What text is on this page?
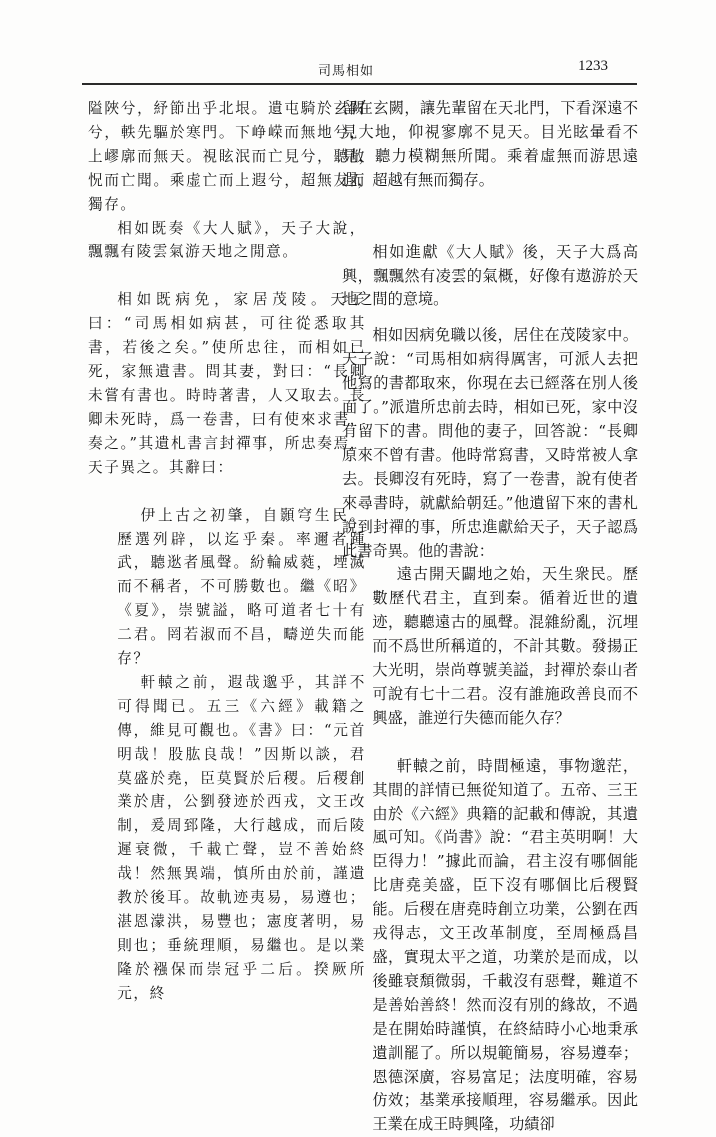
司馬相如	1233

隘陜兮，紓節出乎北垠。遺屯騎於玄闕兮，軼先驅於寒門。下峥嵘而無地兮，上嵺廓而無天。視眩泯而亡見兮，聽敞怳而亡聞。乘虚亡而上遐兮，超無友而獨存。

相如既奏《大人賦》，天子大說，飄飄有陵雲氣游天地之閒意。

相如既病免，家居茂陵。天子曰：“司馬相如病甚，可往從悉取其書，若後之矣。”使所忠往，而相如已死，家無遺書。問其妻，對曰：“長卿未嘗有書也。時時著書，人又取去。長卿未死時，爲一卷書，曰有使來求書，奏之。”其遺札書言封禪事，所忠奏焉，天子異之。其辭曰：

伊上古之初肇，自顥穹生民。歷選列辟，以迄乎秦。率邇者踵武，聽逖者風聲。紛輪威蕤，堙滅而不稱者，不可勝數也。繼《昭》《夏》，崇號謚，略可道者七十有二君。罔若淑而不昌，疇逆失而能存？

軒轅之前，遐哉邈乎，其詳不可得聞已。五三《六經》載籍之傳，維見可觀也。《書》曰：“元首明哉！股肱良哉！”因斯以談，君莫盛於堯，臣莫賢於后稷。后稷創業於唐，公劉發迹於西戎，文王改制，爰周郅隆，大行越成，而后陵遲衰微，千載亡聲，豈不善始終哉！然無異端，慎所由於前，謹遺教於後耳。故軌迹夷易，易遵也；湛恩濛洪，易豐也；憲度著明，易則也；垂統理順，易繼也。是以業隆於襁保而崇冠乎二后。揆厥所元，終

留在玄闕，讓先輩留在天北門，下看深遠不見大地，仰視寥廓不見天。目光眩暈看不見，聽力模糊無所聞。乘着虛無而游思遠遐，超越有無而獨存。

相如進獻《大人賦》後，天子大爲高興，飄飄然有凌雲的氣概，好像有遨游於天地之間的意境。

相如因病免職以後，居住在茂陵家中。天子說：“司馬相如病得厲害，可派人去把他寫的書都取來，你現在去已經落在別人後面了。”派遣所忠前去時，相如已死，家中沒有留下的書。問他的妻子，回答說：“長卿原來不曾有書。他時常寫書，又時常被人拿去。長卿沒有死時，寫了一卷書，說有使者來尋書時，就獻給朝廷。”他遺留下來的書札說到封禪的事，所忠進獻給天子，天子認爲此書奇異。他的書說：

遠古開天闢地之始，天生衆民。歷數歷代君主，直到秦。循着近世的遺迹，聽聽遠古的風聲。混雜紛亂，沉埋而不爲世所稱道的，不計其數。發揚正大光明，崇尚尊號美謚，封禪於泰山者可說有七十二君。沒有誰施政善良而不興盛，誰逆行失德而能久存？

軒轅之前，時間極遠，事物邈茫，其間的詳情已無從知道了。五帝、三王由於《六經》典籍的記載和傳說，其遺風可知。《尚書》說：“君主英明啊！大臣得力！”據此而論，君主沒有哪個能比唐堯美盛，臣下沒有哪個比后稷賢能。后稷在唐堯時創立功業，公劉在西戎得志，文王改革制度，至周極爲昌盛，實現太平之道，功業於是而成，以後雖衰頽微弱，千載沒有惡聲，難道不是善始善終！然而沒有別的緣故，不過是在開始時謹慎，在終結時小心地秉承遺訓罷了。所以規範簡易，容易遵奉；恩德深廣，容易富足；法度明確，容易仿效；基業承接順理，容易繼承。因此王業在成王時興隆，功績卻
